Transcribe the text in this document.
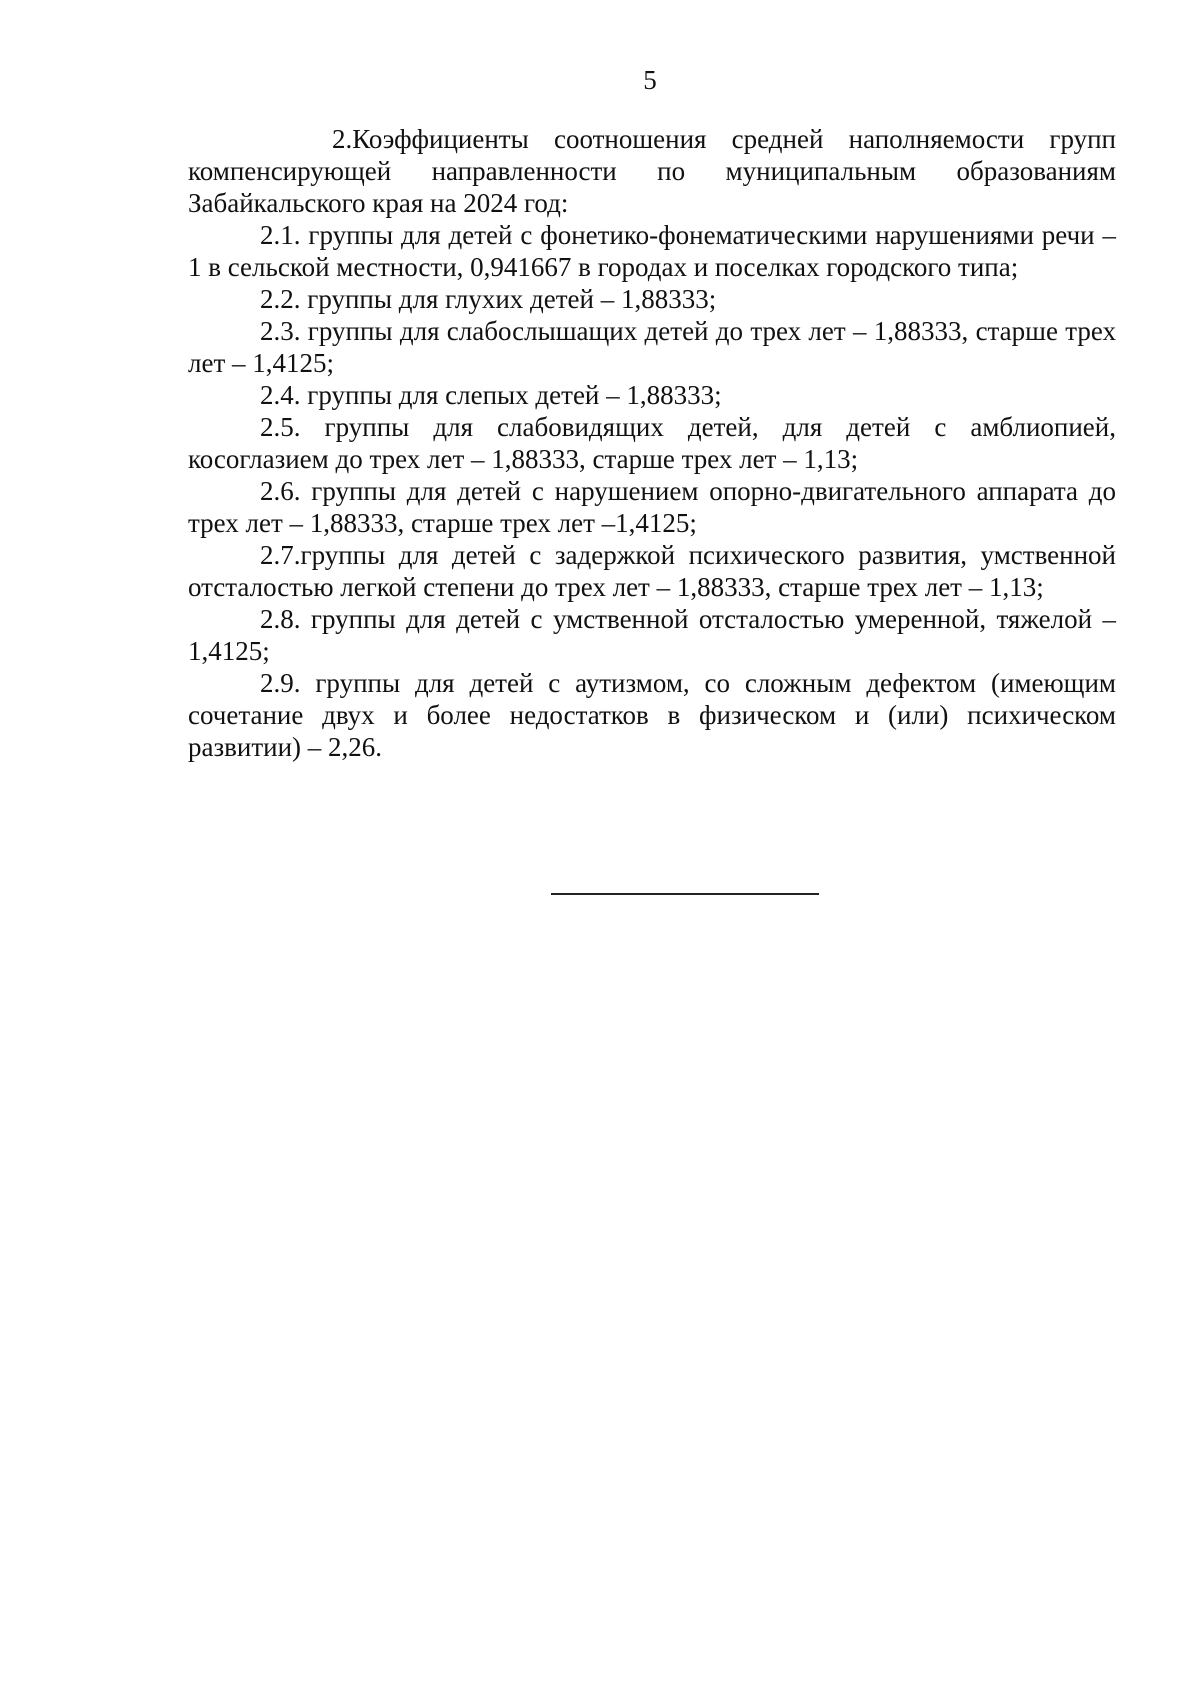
5

2.Коэффициенты соотношения средней наполняемости групп компенсирующей направленности по муниципальным образованиям Забайкальского края на 2024 год:

2.1. группы для детей с фонетико-фонематическими нарушениями речи – 1 в сельской местности, 0,941667 в городах и поселках городского типа;

2.2. группы для глухих детей – 1,88333;

2.3. группы для слабослышащих детей до трех лет – 1,88333, старше трех лет – 1,4125;

2.4. группы для слепых детей – 1,88333;

2.5. группы для слабовидящих детей, для детей с амблиопией, косоглазием до трех лет – 1,88333, старше трех лет – 1,13;

2.6. группы для детей с нарушением опорно-двигательного аппарата до трех лет – 1,88333, старше трех лет –1,4125;

2.7.группы для детей с задержкой психического развития, умственной отсталостью легкой степени до трех лет – 1,88333, старше трех лет – 1,13;

2.8. группы для детей с умственной отсталостью умеренной, тяжелой – 1,4125;

2.9. группы для детей с аутизмом, со сложным дефектом (имеющим сочетание двух и более недостатков в физическом и (или) психическом развитии) – 2,26.
